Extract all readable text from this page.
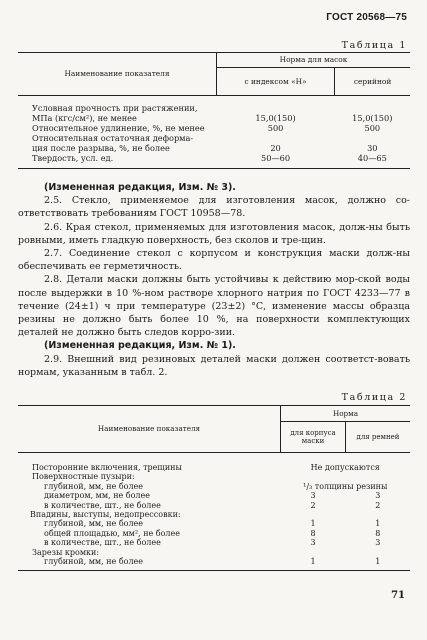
ГОСТ 20568—75
Таблица 1
Наименование показателя	Норма для масок	
	с индексом «Н»	серийной
Условная прочность при растяжении,		
МПа (кгс/см²), не менее	15,0(150)	15,0(150)
Относительное удлинение, %, не менее	500	500
Относительная остаточная деформа-		
ция после разрыва, %, не более	20	30
Твердость, усл. ед.	50—60	40—65

(Измененная редакция, Изм. № 3).

2.5. Стекло, применяемое для изготовления масок, должно со-ответствовать требованиям ГОСТ 10958—78.

2.6. Края стекол, применяемых для изготовления масок, долж-ны быть ровными, иметь гладкую поверхность, без сколов и тре-щин.

2.7. Соединение стекол с корпусом и конструкция маски долж-ны обеспечивать ее герметичность.

2.8. Детали маски должны быть устойчивы к действию мор-ской воды после выдержки в 10 %-ном растворе хлорного натрия по ГОСТ 4233—77 в течение (24±1) ч при температуре (23±2) °С, изменение массы образца резины не должно быть более 10 %, на поверхности комплектующих деталей не должно быть следов корро-зии.

(Измененная редакция, Изм. № 1).

2.9. Внешний вид резиновых деталей маски должен соответст-вовать нормам, указанным в табл. 2.

Таблица 2
Наименование показателя	Норма	
	для корпуса маски	для ремней
Посторонние включения, трещины	Не допускаются	
Поверхностные пузыри:		
глубиной, мм, не более	¹/₃ толщины резины	
диаметром, мм, не более	3	3
в количестве, шт., не более	2	2
Впадины, выступы, недопрессовки:		
глубиной, мм, не более	1	1
общей площадью, мм², не более	8	8
в количестве, шт., не более	3	3
Зарезы кромки:		
глубиной, мм, не более	1	1
71
